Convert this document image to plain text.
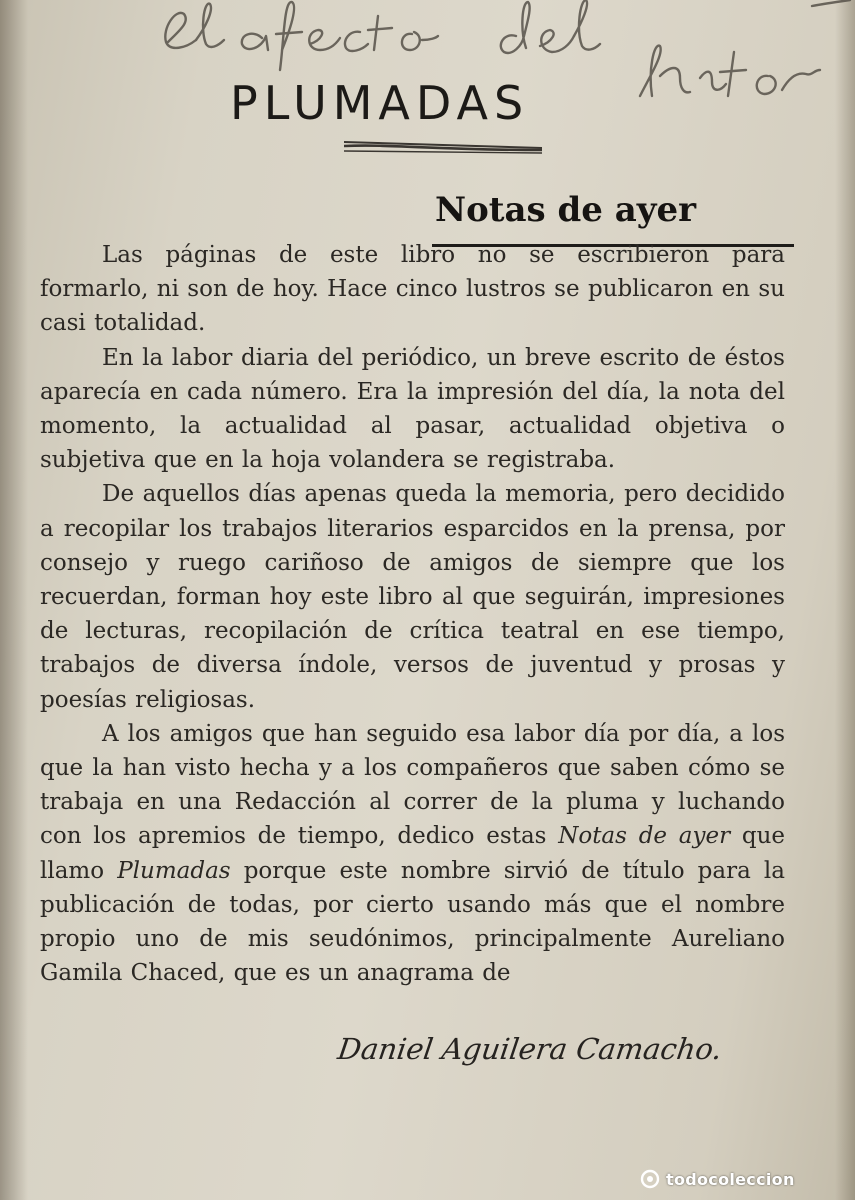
PLUMADAS
Notas de ayer

Las páginas de este libro no se escribieron para formarlo, ni son de hoy. Hace cinco lustros se publicaron en su casi totalidad.

En la labor diaria del periódico, un breve escrito de éstos aparecía en cada número. Era la impresión del día, la nota del momento, la actualidad al pasar, actualidad objetiva o subjetiva que en la hoja volandera se registraba.

De aquellos días apenas queda la memoria, pero decidido a recopilar los trabajos literarios esparcidos en la prensa, por consejo y ruego cariñoso de amigos de siempre que los recuerdan, forman hoy este libro al que seguirán, impresiones de lecturas, recopilación de crítica teatral en ese tiempo, trabajos de diversa índole, versos de juventud y prosas y poesías religiosas.

A los amigos que han seguido esa labor día por día, a los que la han visto hecha y a los compañeros que saben cómo se trabaja en una Redacción al correr de la pluma y luchando con los apremios de tiempo, dedico estas Notas de ayer que llamo Plumadas porque este nombre sirvió de título para la publicación de todas, por cierto usando más que el nombre propio uno de mis seudónimos, principalmente Aureliano Gamila Chaced, que es un anagrama de

Daniel Aguilera Camacho.

todocoleccion
